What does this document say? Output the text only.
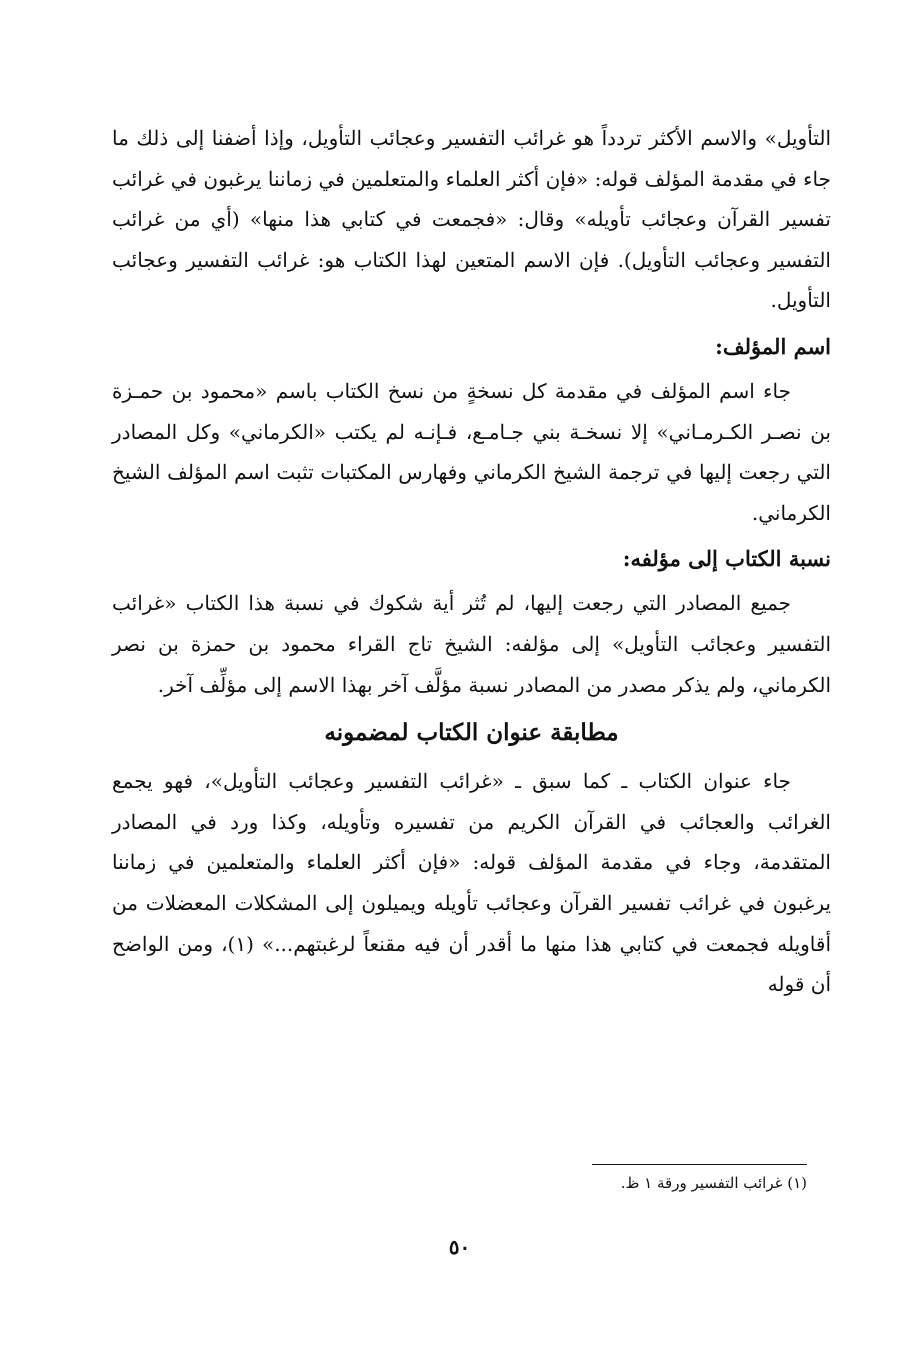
التأويل» والاسم الأكثر تردداً هو غرائب التفسير وعجائب التأويل، وإذا أضفنا إلى ذلك ما جاء في مقدمة المؤلف قوله: «فإن أكثر العلماء والمتعلمين في زماننا يرغبون في غرائب تفسير القرآن وعجائب تأويله» وقال: «فجمعت في كتابي هذا منها» (أي من غرائب التفسير وعجائب التأويل). فإن الاسم المتعين لهذا الكتاب هو: غرائب التفسير وعجائب التأويل.

اسم المؤلف:

جاء اسم المؤلف في مقدمة كل نسخةٍ من نسخ الكتاب باسم «محمود بن حمـزة بن نصـر الكـرمـاني» إلا نسخـة بني جـامـع، فـإنـه لم يكتب «الكرماني» وكل المصادر التي رجعت إليها في ترجمة الشيخ الكرماني وفهارس المكتبات تثبت اسم المؤلف الشيخ الكرماني.

نسبة الكتاب إلى مؤلفه:

جميع المصادر التي رجعت إليها، لم تُثر أية شكوك في نسبة هذا الكتاب «غرائب التفسير وعجائب التأويل» إلى مؤلفه: الشيخ تاج القراء محمود بن حمزة بن نصر الكرماني، ولم يذكر مصدر من المصادر نسبة مؤلَّف آخر بهذا الاسم إلى مؤلِّف آخر.

مطابقة عنوان الكتاب لمضمونه

جاء عنوان الكتاب ـ كما سبق ـ «غرائب التفسير وعجائب التأويل»، فهو يجمع الغرائب والعجائب في القرآن الكريم من تفسيره وتأويله، وكذا ورد في المصادر المتقدمة، وجاء في مقدمة المؤلف قوله: «فإن أكثر العلماء والمتعلمين في زماننا يرغبون في غرائب تفسير القرآن وعجائب تأويله ويميلون إلى المشكلات المعضلات من أقاويله فجمعت في كتابي هذا منها ما أقدر أن فيه مقنعاً لرغبتهم...» (١)، ومن الواضح أن قوله

(١) غرائب التفسير ورقة ١ ظ.
٥٠
